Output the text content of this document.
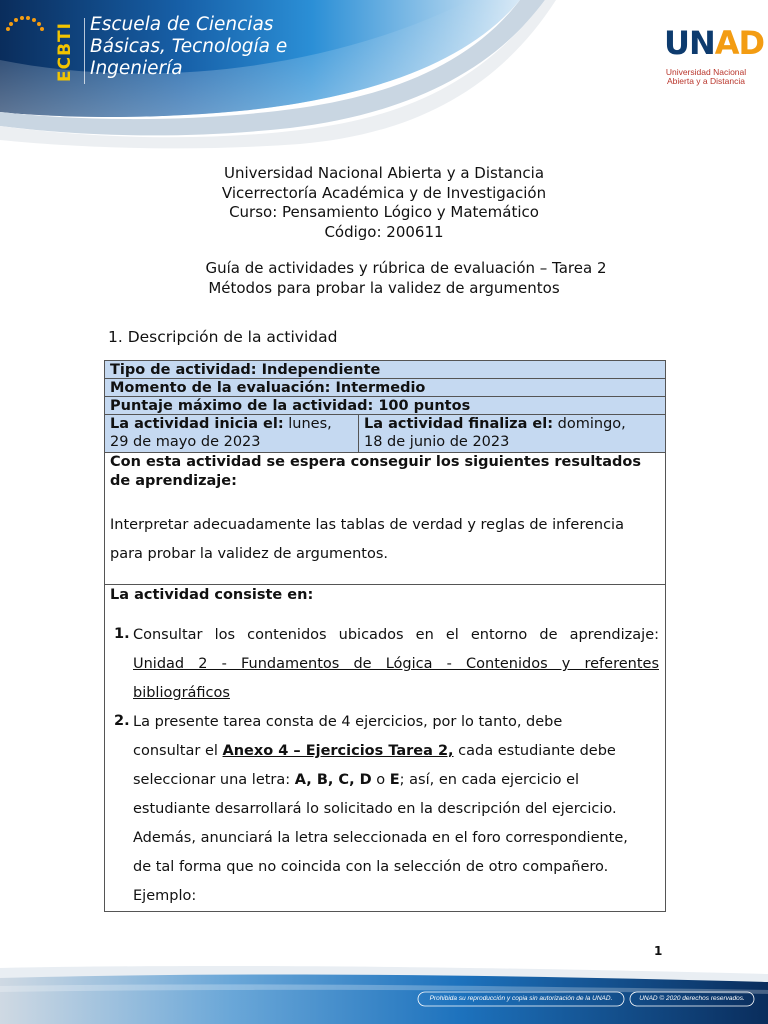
ECBTI Escuela de Ciencias
Básicas, Tecnología e
Ingeniería
UNAD
Universidad Nacional
Abierta y a Distancia
Universidad Nacional Abierta y a Distancia
Vicerrectoría Académica y de Investigación
Curso: Pensamiento Lógico y Matemático
Código: 200611
Guía de actividades y rúbrica de evaluación – Tarea 2
Métodos para probar la validez de argumentos
1. Descripción de la actividad
Tipo de actividad: Independiente
Momento de la evaluación: Intermedio
Puntaje máximo de la actividad: 100 puntos
La actividad inicia el: lunes,
29 de mayo de 2023
La actividad finaliza el: domingo,
18 de junio de 2023
Con esta actividad se espera conseguir los siguientes resultados
de aprendizaje:
Interpretar adecuadamente las tablas de verdad y reglas de inferencia
para probar la validez de argumentos.
La actividad consiste en:
1. Consultar los contenidos ubicados en el entorno de aprendizaje:
Unidad 2 - Fundamentos de Lógica - Contenidos y referentes
bibliográficos
2. La presente tarea consta de 4 ejercicios, por lo tanto, debe
consultar el Anexo 4 – Ejercicios Tarea 2, cada estudiante debe
seleccionar una letra: A, B, C, D o E; así, en cada ejercicio el
estudiante desarrollará lo solicitado en la descripción del ejercicio.
Además, anunciará la letra seleccionada en el foro correspondiente,
de tal forma que no coincida con la selección de otro compañero.
Ejemplo:
1
Prohibida su reproducción y copia sin autorización de la UNAD.	UNAD © 2020 derechos reservados.
